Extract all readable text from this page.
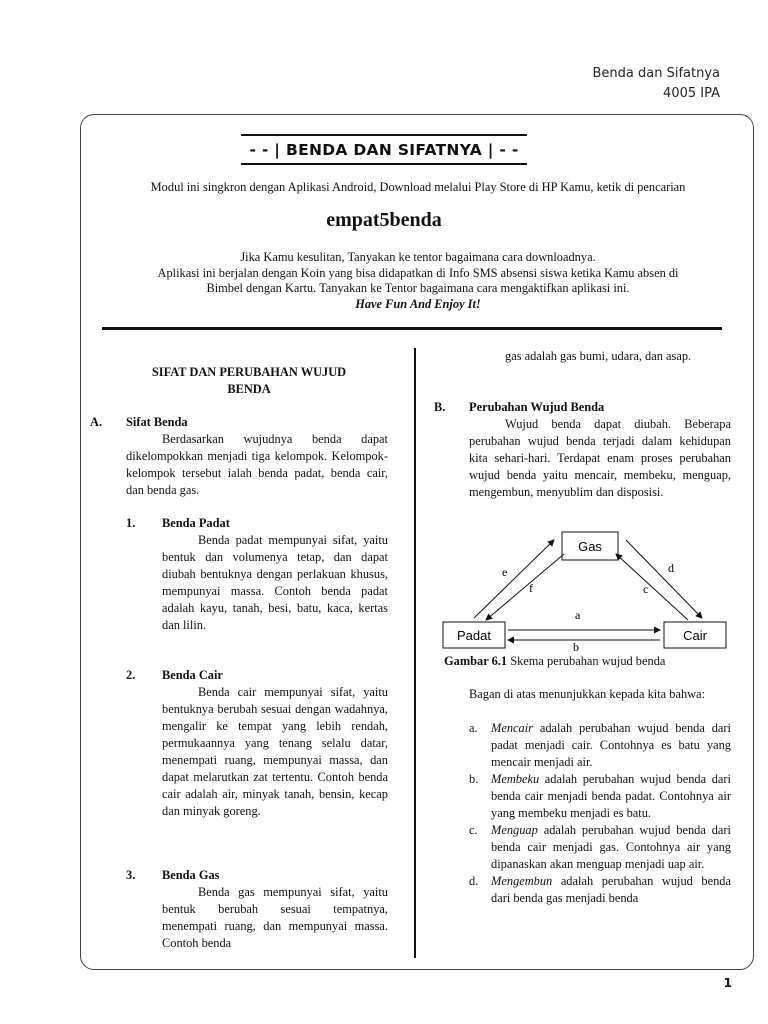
Benda dan Sifatnya
4005 IPA
- - | BENDA DAN SIFATNYA | - -
Modul ini singkron dengan Aplikasi Android, Download melalui Play Store di HP Kamu, ketik di pencarian
empat5benda
Jika Kamu kesulitan, Tanyakan ke tentor bagaimana cara downloadnya.
Aplikasi ini berjalan dengan Koin yang bisa didapatkan di Info SMS absensi siswa ketika Kamu absen di
Bimbel dengan Kartu. Tanyakan ke Tentor bagaimana cara mengaktifkan aplikasi ini.
Have Fun And Enjoy It!
SIFAT DAN PERUBAHAN WUJUD
BENDA
A. Sifat Benda
Berdasarkan wujudnya benda dapat dikelompokkan menjadi tiga kelompok. Kelompok-kelompok tersebut ialah benda padat, benda cair, dan benda gas.
1. Benda Padat
Benda padat mempunyai sifat, yaitu bentuk dan volumenya tetap, dan dapat diubah bentuknya dengan perlakuan khusus, mempunyai massa. Contoh benda padat adalah kayu, tanah, besi, batu, kaca, kertas dan lilin.
2. Benda Cair
Benda cair mempunyai sifat, yaitu bentuknya berubah sesuai dengan wadahnya, mengalir ke tempat yang lebih rendah, permukaannya yang tenang selalu datar, menempati ruang, mempunyai massa, dan dapat melarutkan zat tertentu. Contoh benda cair adalah air, minyak tanah, bensin, kecap dan minyak goreng.
3. Benda Gas
Benda gas mempunyai sifat, yaitu bentuk berubah sesuai tempatnya, menempati ruang, dan mempunyai massa. Contoh benda
gas adalah gas bumi, udara, dan asap.
B. Perubahan Wujud Benda
Wujud benda dapat diubah. Beberapa perubahan wujud benda terjadi dalam kehidupan kita sehari-hari. Terdapat enam proses perubahan wujud benda yaitu mencair, membeku, menguap, mengembun, menyublim dan disposisi.
Gas
Padat	Cair
a
b
e
f
d
c
Gambar 6.1 Skema perubahan wujud benda
Bagan di atas menunjukkan kepada kita bahwa:
a. Mencair adalah perubahan wujud benda dari padat menjadi cair. Contohnya es batu yang mencair menjadi air.
b. Membeku adalah perubahan wujud benda dari benda cair menjadi benda padat. Contohnya air yang membeku menjadi es batu.
c. Menguap adalah perubahan wujud benda dari benda cair menjadi gas. Contohnya air yang dipanaskan akan menguap menjadi uap air.
d. Mengembun adalah perubahan wujud benda dari benda gas menjadi benda
1
